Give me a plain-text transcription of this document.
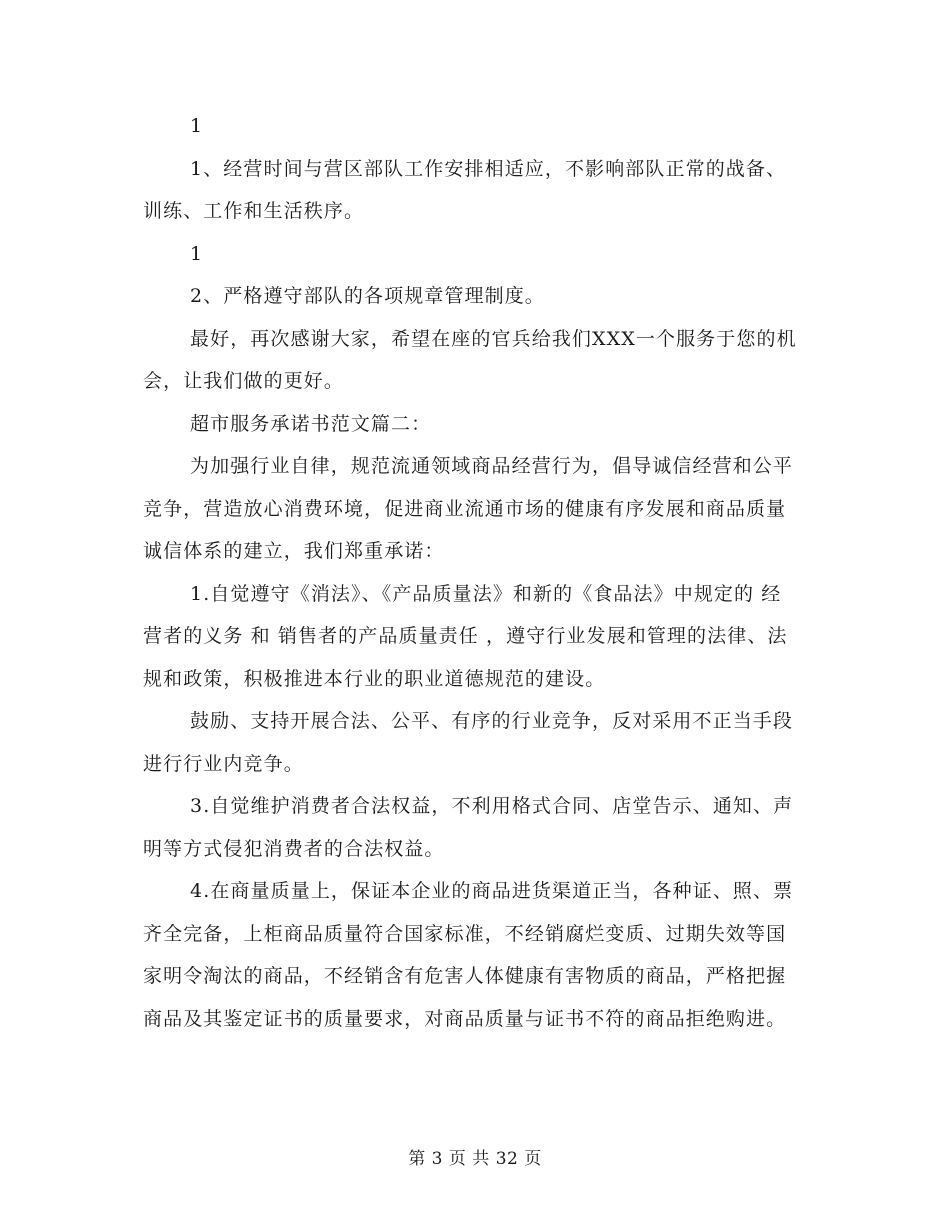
1

1、经营时间与营区部队工作安排相适应，不影响部队正常的战备、训练、工作和生活秩序。

1

2、严格遵守部队的各项规章管理制度。

最好，再次感谢大家，希望在座的官兵给我们XXX一个服务于您的机会，让我们做的更好。

超市服务承诺书范文篇二：

为加强行业自律，规范流通领域商品经营行为，倡导诚信经营和公平竞争，营造放心消费环境，促进商业流通市场的健康有序发展和商品质量诚信体系的建立，我们郑重承诺：

1.自觉遵守《消法》、《产品质量法》和新的《食品法》中规定的 经营者的义务 和 销售者的产品质量责任 ，遵守行业发展和管理的法律、法规和政策，积极推进本行业的职业道德规范的建设。

鼓励、支持开展合法、公平、有序的行业竞争，反对采用不正当手段进行行业内竞争。

3.自觉维护消费者合法权益，不利用格式合同、店堂告示、通知、声明等方式侵犯消费者的合法权益。

4.在商量质量上，保证本企业的商品进货渠道正当，各种证、照、票齐全完备，上柜商品质量符合国家标准，不经销腐烂变质、过期失效等国家明令淘汰的商品，不经销含有危害人体健康有害物质的商品，严格把握商品及其鉴定证书的质量要求，对商品质量与证书不符的商品拒绝购进。

第 3 页 共 32 页
